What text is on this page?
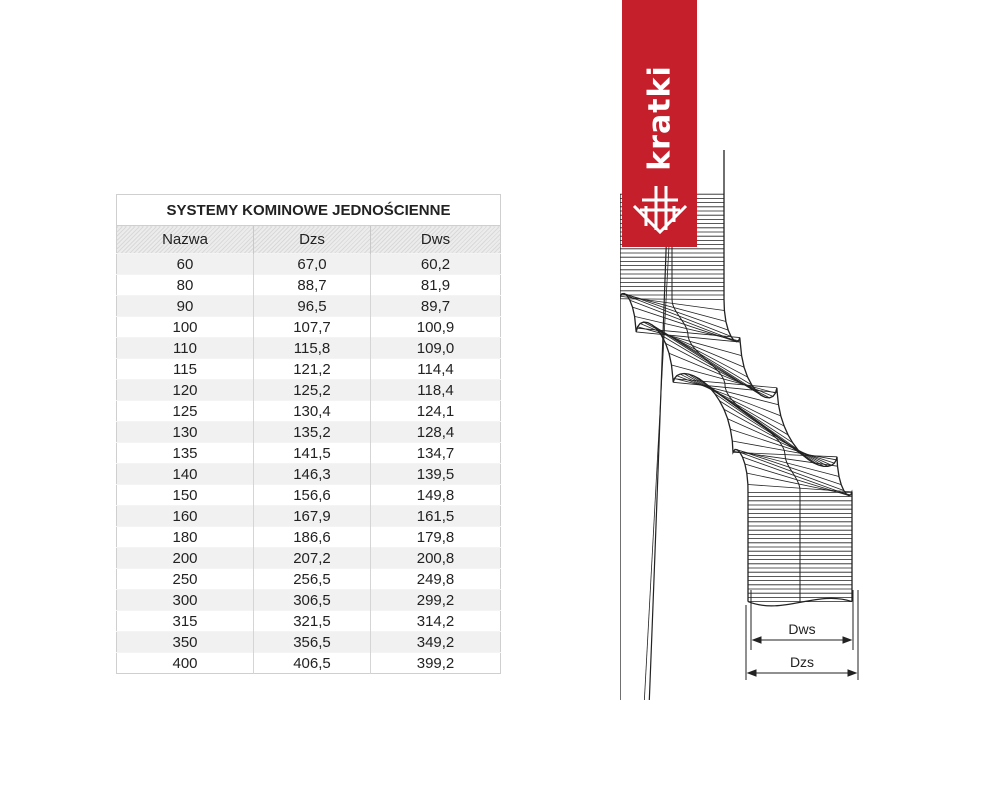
SYSTEMY KOMINOWE JEDNOŚCIENNE		
Nazwa	Dzs	Dws
60	67,0	60,2
80	88,7	81,9
90	96,5	89,7
100	107,7	100,9
110	115,8	109,0
115	121,2	114,4
120	125,2	118,4
125	130,4	124,1
130	135,2	128,4
135	141,5	134,7
140	146,3	139,5
150	156,6	149,8
160	167,9	161,5
180	186,6	179,8
200	207,2	200,8
250	256,5	249,8
300	306,5	299,2
315	321,5	314,2
350	356,5	349,2
400	406,5	399,2
kratki
Dws
Dzs
